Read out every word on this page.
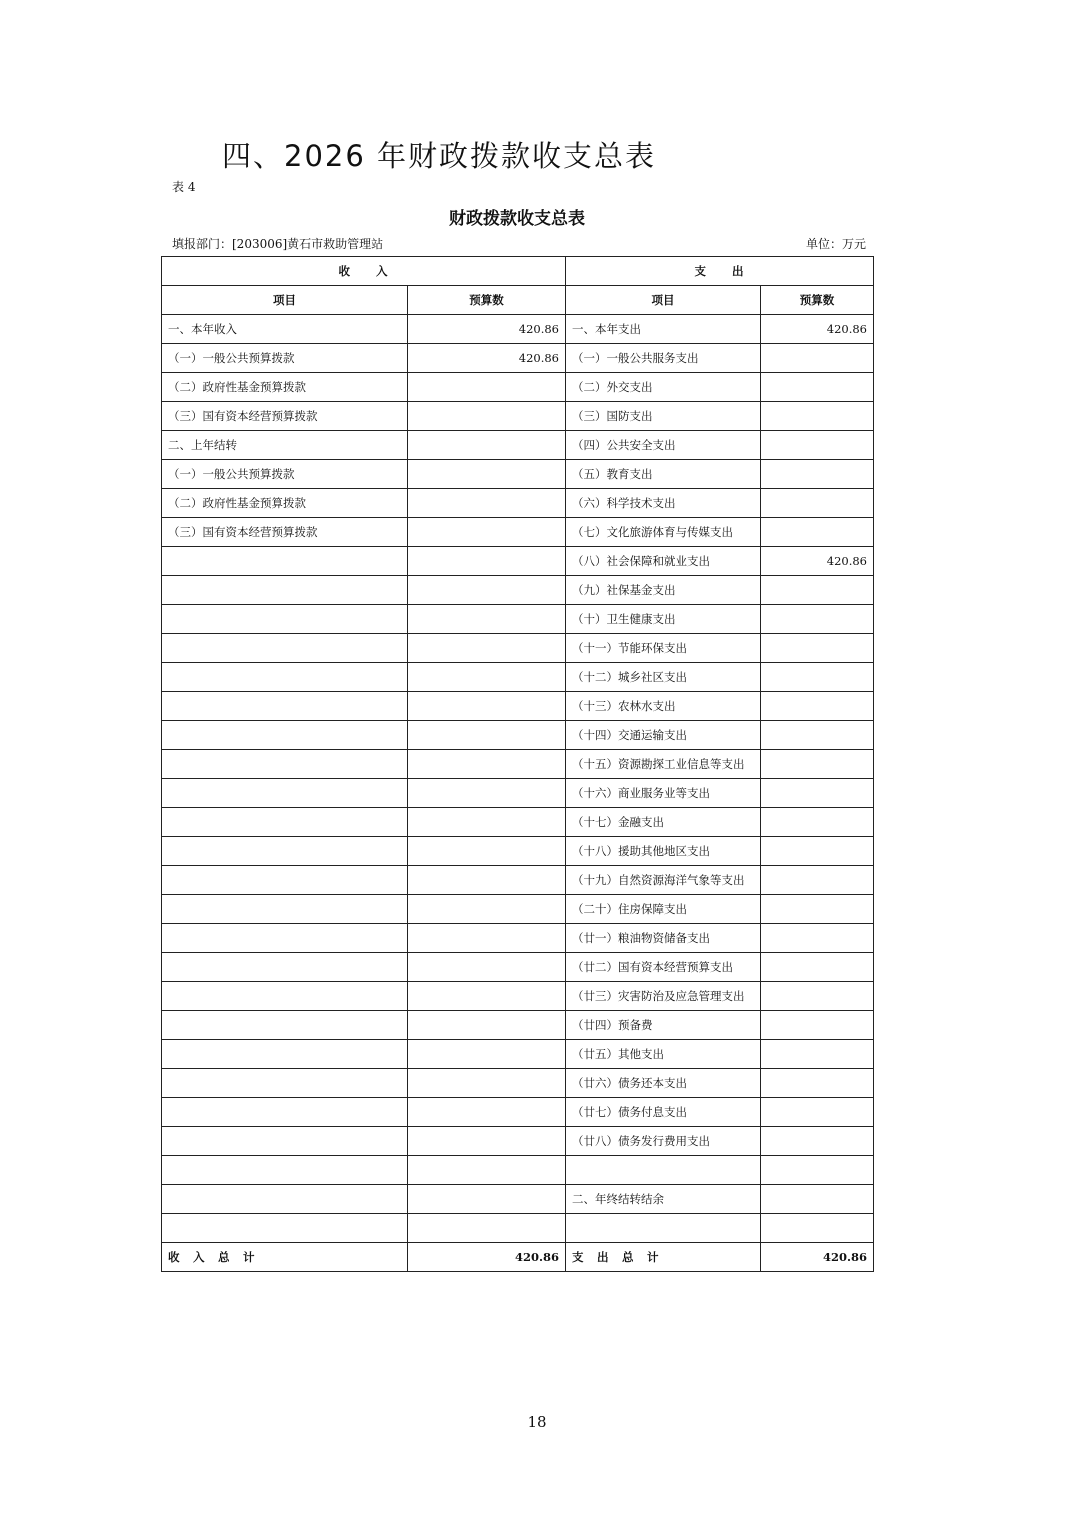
四、2026 年财政拨款收支总表
表 4
财政拨款收支总表
填报部门：[203006]黄石市救助管理站	单位：万元
收　　入		支　　出	
项目	预算数	项目	预算数
一、本年收入	420.86	一、本年支出	420.86
（一）一般公共预算拨款	420.86	（一）一般公共服务支出	
（二）政府性基金预算拨款		（二）外交支出	
（三）国有资本经营预算拨款		（三）国防支出	
二、上年结转		（四）公共安全支出	
（一）一般公共预算拨款		（五）教育支出	
（二）政府性基金预算拨款		（六）科学技术支出	
（三）国有资本经营预算拨款		（七）文化旅游体育与传媒支出	
		（八）社会保障和就业支出	420.86
		（九）社保基金支出	
		（十）卫生健康支出	
		（十一）节能环保支出	
		（十二）城乡社区支出	
		（十三）农林水支出	
		（十四）交通运输支出	
		（十五）资源勘探工业信息等支出	
		（十六）商业服务业等支出	
		（十七）金融支出	
		（十八）援助其他地区支出	
		（十九）自然资源海洋气象等支出	
		（二十）住房保障支出	
		（廿一）粮油物资储备支出	
		（廿二）国有资本经营预算支出	
		（廿三）灾害防治及应急管理支出	
		（廿四）预备费	
		（廿五）其他支出	
		（廿六）债务还本支出	
		（廿七）债务付息支出	
		（廿八）债务发行费用支出	

		二、年终结转结余	

收　入　总　计	420.86	支　出　总　计	420.86
18
